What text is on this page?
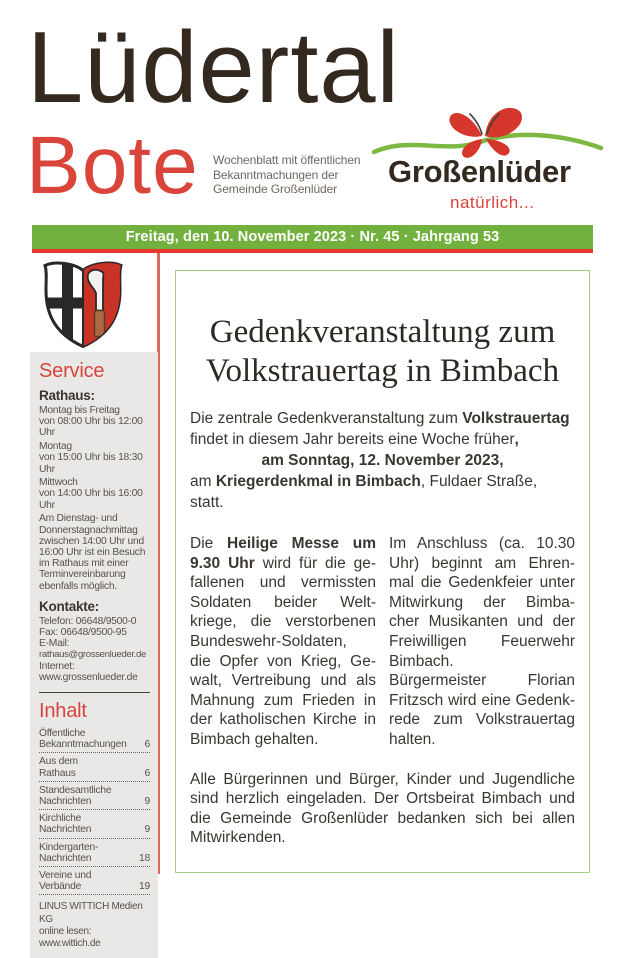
Lüdertal
Bote Wochenblatt mit öffentlichen
Bekanntmachungen der
Gemeinde Großenlüder
Großenlüder
natürlich...
Freitag, den 10. November 2023 · Nr. 45 · Jahrgang 53
Service
Rathaus:
Montag bis Freitag
von 08:00 Uhr bis 12:00 Uhr
Montag
von 15:00 Uhr bis 18:30 Uhr
Mittwoch
von 14:00 Uhr bis 16:00 Uhr
Am Dienstag- und Donnerstagnachmittag zwischen 14:00 Uhr und 16:00 Uhr ist ein Besuch im Rathaus mit einer Terminvereinbarung ebenfalls möglich.
Kontakte:
Telefon: 06648/9500-0
Fax: 06648/9500-95
E-Mail:
rathaus@grossenlueder.de
Internet:
www.grossenlueder.de
Inhalt
Öffentliche
Bekanntmachungen 6
Aus dem
Rathaus	6
Standesamtliche
Nachrichten	9
Kirchliche
Nachrichten	9
Kindergarten-
Nachrichten	18
Vereine und
Verbände	19
LINUS WITTICH Medien KG
online lesen: www.wittich.de
Gedenkveranstaltung zum
Volkstrauertag in Bimbach
Die zentrale Gedenkveranstaltung zum Volkstrauertag
findet in diesem Jahr bereits eine Woche früher,
am Sonntag, 12. November 2023,
am Kriegerdenkmal in Bimbach, Fuldaer Straße, statt.
Die Heilige Messe um
9.30 Uhr wird für die ge-
fallenen und vermissten
Soldaten beider Welt-
kriege, die verstorbenen
Bundeswehr-Soldaten,
die Opfer von Krieg, Ge-
walt, Vertreibung und als
Mahnung zum Frieden in
der katholischen Kirche in
Bimbach gehalten.
Im Anschluss (ca. 10.30
Uhr) beginnt am Ehren-
mal die Gedenkfeier unter
Mitwirkung der Bimba-
cher Musikanten und der
Freiwilligen Feuerwehr
Bimbach.
Bürgermeister Florian
Fritzsch wird eine Gedenk-
rede zum Volkstrauertag
halten.
Alle Bürgerinnen und Bürger, Kinder und Jugendliche
sind herzlich eingeladen. Der Ortsbeirat Bimbach und
die Gemeinde Großenlüder bedanken sich bei allen
Mitwirkenden.
